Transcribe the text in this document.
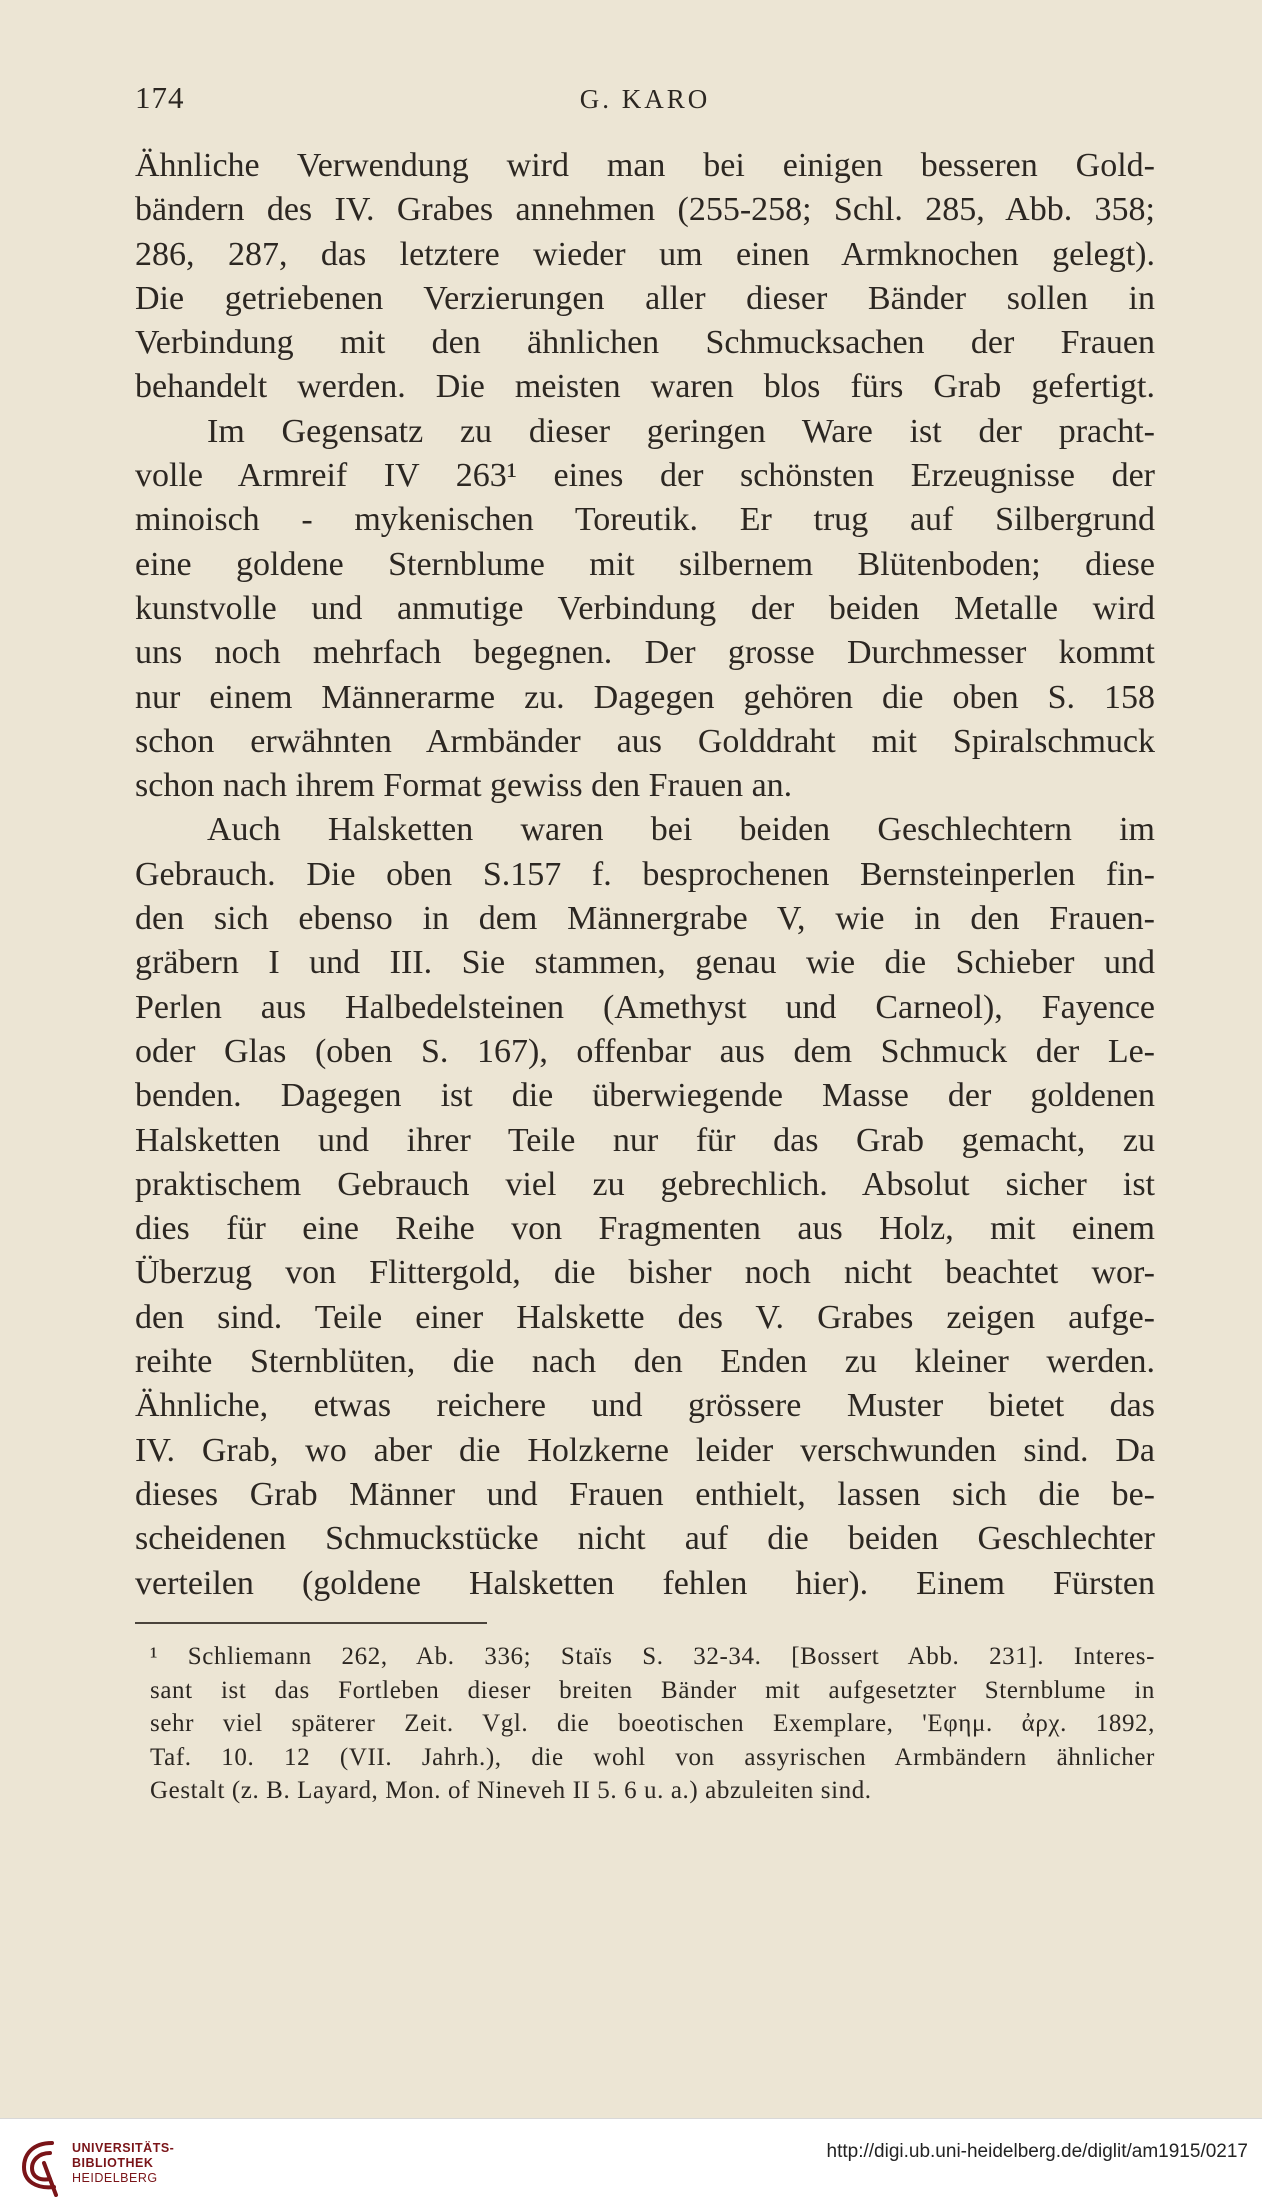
174	G. KARO

Ähnliche Verwendung wird man bei einigen besseren Gold-
bändern des IV. Grabes annehmen (255-258; Schl. 285, Abb. 358;
286, 287, das letztere wieder um einen Armknochen gelegt).
Die getriebenen Verzierungen aller dieser Bänder sollen in
Verbindung mit den ähnlichen Schmucksachen der Frauen
behandelt werden. Die meisten waren blos fürs Grab gefertigt.

Im Gegensatz zu dieser geringen Ware ist der pracht-
volle Armreif IV 263¹ eines der schönsten Erzeugnisse der
minoisch - mykenischen Toreutik. Er trug auf Silbergrund
eine goldene Sternblume mit silbernem Blütenboden; diese
kunstvolle und anmutige Verbindung der beiden Metalle wird
uns noch mehrfach begegnen. Der grosse Durchmesser kommt
nur einem Männerarme zu. Dagegen gehören die oben S. 158
schon erwähnten Armbänder aus Golddraht mit Spiralschmuck
schon nach ihrem Format gewiss den Frauen an.

Auch Halsketten waren bei beiden Geschlechtern im
Gebrauch. Die oben S.157 f. besprochenen Bernsteinperlen fin-
den sich ebenso in dem Männergrabe V, wie in den Frauen-
gräbern I und III. Sie stammen, genau wie die Schieber und
Perlen aus Halbedelsteinen (Amethyst und Carneol), Fayence
oder Glas (oben S. 167), offenbar aus dem Schmuck der Le-
benden. Dagegen ist die überwiegende Masse der goldenen
Halsketten und ihrer Teile nur für das Grab gemacht, zu
praktischem Gebrauch viel zu gebrechlich. Absolut sicher ist
dies für eine Reihe von Fragmenten aus Holz, mit einem
Überzug von Flittergold, die bisher noch nicht beachtet wor-
den sind. Teile einer Halskette des V. Grabes zeigen aufge-
reihte Sternblüten, die nach den Enden zu kleiner werden.
Ähnliche, etwas reichere und grössere Muster bietet das
IV. Grab, wo aber die Holzkerne leider verschwunden sind. Da
dieses Grab Männer und Frauen enthielt, lassen sich die be-
scheidenen Schmuckstücke nicht auf die beiden Geschlechter
verteilen (goldene Halsketten fehlen hier). Einem Fürsten

¹ Schliemann 262, Ab. 336; Staïs S. 32-34. [Bossert Abb. 231]. Interes-
sant ist das Fortleben dieser breiten Bänder mit aufgesetzter Sternblume in
sehr viel späterer Zeit. Vgl. die boeotischen Exemplare, 'Εφημ. ἀρχ. 1892,
Taf. 10. 12 (VII. Jahrh.), die wohl von assyrischen Armbändern ähnlicher
Gestalt (z. B. Layard, Mon. of Nineveh II 5. 6 u. a.) abzuleiten sind.
UNIVERSITÄTS-
BIBLIOTHEK
HEIDELBERG
http://digi.ub.uni-heidelberg.de/diglit/am1915/0217
